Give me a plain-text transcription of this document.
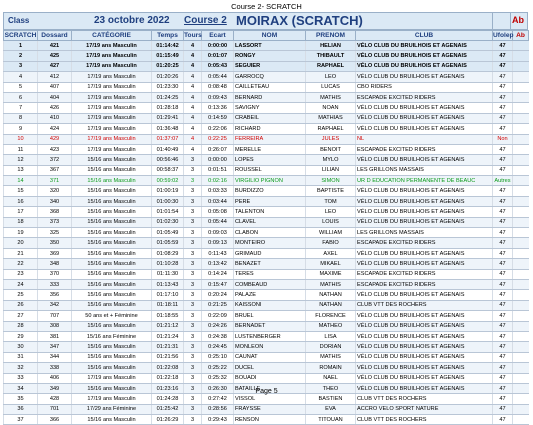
Course 2- SCRATCH
Class	23 octobre 2022 Course 2 MOIRAX (SCRATCH)	Ab
SCRATCH	Dossard	CATÉGORIE	Temps	Tours	Ecart	NOM	PRENOM	CLUB	Ufolep	Ab
1	421	17/19 ans Masculin	01:14:42	4	0:00:00	LASSORT	HELIAN	VÉLO CLUB DU BRUILHOIS ET AGENAIS	47	
2	425	17/19 ans Masculin	01:15:49	4	0:01:07	RONGY	THIBAULT	VÉLO CLUB DU BRUILHOIS ET AGENAIS	47	
3	427	17/19 ans Masculin	01:20:25	4	0:05:43	SEGUIER	RAPHAEL	VÉLO CLUB DU BRUILHOIS ET AGENAIS	47	
4	412	17/19 ans Masculin	01:20:26	4	0:05:44	GARROCQ	LEO	VÉLO CLUB DU BRUILHOIS ET AGENAIS	47	
5	407	17/19 ans Masculin	01:23:30	4	0:08:48	CAILLETEAU	LUCAS	CBO RIDERS	47	
6	404	17/19 ans Masculin	01:24:25	4	0:09:43	BERNARD	MATHIS	ESCAPADE EXCITED RIDERS	47	
7	426	17/19 ans Masculin	01:28:18	4	0:13:36	SAVIGNY	NOAN	VÉLO CLUB DU BRUILHOIS ET AGENAIS	47	
8	410	17/19 ans Masculin	01:29:41	4	0:14:59	CRABEIL	MATHIAS	VÉLO CLUB DU BRUILHOIS ET AGENAIS	47	
9	424	17/19 ans Masculin	01:36:48	4	0:22:06	RICHARD	RAPHAEL	VÉLO CLUB DU BRUILHOIS ET AGENAIS	47	
10	429	17/19 ans Masculin	01:37:07	4	0:22:25	FERREIRA	JULES	NL	Non	
11	423	17/19 ans Masculin	01:40:49	4	0:26:07	MERELLE	BENOIT	ESCAPADE EXCITED RIDERS	47	
12	372	15/16 ans Masculin	00:56:46	3	0:00:00	LOPES	MYLO	VÉLO CLUB DU BRUILHOIS ET AGENAIS	47	
13	367	15/16 ans Masculin	00:58:37	3	0:01:51	ROUSSEL	LILIAN	LES GRILLONS MASSAIS	47	
14	371	15/16 ans Masculin	00:59:02	3	0:02:16	VIRGILIO PIGNON	SIMON	UR D EDUCATION PERMANENTE DE BEAUC	Autres	
15	320	15/16 ans Masculin	01:00:19	3	0:03:33	BURDIZZO	BAPTISTE	VÉLO CLUB DU BRUILHOIS ET AGENAIS	47	
16	340	15/16 ans Masculin	01:00:30	3	0:03:44	PERE	TOM	VÉLO CLUB DU BRUILHOIS ET AGENAIS	47	
17	368	15/16 ans Masculin	01:01:54	3	0:05:08	TALENTON	LEO	VÉLO CLUB DU BRUILHOIS ET AGENAIS	47	
18	373	15/16 ans Masculin	01:02:30	3	0:05:44	CLAVEL	LOUIS	VÉLO CLUB DU BRUILHOIS ET AGENAIS	47	
19	325	15/16 ans Masculin	01:05:49	3	0:09:03	CLABON	WILLIAM	LES GRILLONS MASSAIS	47	
20	350	15/16 ans Masculin	01:05:59	3	0:09:13	MONTEIRO	FABIO	ESCAPADE EXCITED RIDERS	47	
21	369	15/16 ans Masculin	01:08:29	3	0:11:43	GRIMAUD	AXEL	VÉLO CLUB DU BRUILHOIS ET AGENAIS	47	
22	348	15/16 ans Masculin	01:10:28	3	0:13:42	BENAZET	MIKAEL	VÉLO CLUB DU BRUILHOIS ET AGENAIS	47	
23	370	15/16 ans Masculin	01:11:30	3	0:14:24	TERES	MAXIME	ESCAPADE EXCITED RIDERS	47	
24	333	15/16 ans Masculin	01:13:43	3	0:15:47	COMBEAUD	MATHIS	ESCAPADE EXCITED RIDERS	47	
25	356	15/16 ans Masculin	01:17:10	3	0:20:24	PALAZE	NATHAN	VÉLO CLUB DU BRUILHOIS ET AGENAIS	47	
26	342	15/16 ans Masculin	01:18:11	3	0:21:25	KAISSONI	NATHAN	CLUB VTT DES ROCHERS	47	
27	707	50 ans et + Féminine	01:18:55	3	0:22:09	BRUEL	FLORENCE	VÉLO CLUB DU BRUILHOIS ET AGENAIS	47	
28	308	15/16 ans Masculin	01:21:12	3	0:24:26	BERNADET	MATHEO	VÉLO CLUB DU BRUILHOIS ET AGENAIS	47	
29	381	15/16 ans Féminine	01:21:24	3	0:24:38	LUSTENBERGER	LISA	VÉLO CLUB DU BRUILHOIS ET AGENAIS	47	
30	347	15/16 ans Masculin	01:21:31	3	0:24:45	MONLEON	DORIAN	VÉLO CLUB DU BRUILHOIS ET AGENAIS	47	
31	344	15/16 ans Masculin	01:21:56	3	0:25:10	CAUNAT	MATHIS	VÉLO CLUB DU BRUILHOIS ET AGENAIS	47	
32	338	15/16 ans Masculin	01:22:08	3	0:25:22	DUCEL	ROMAIN	VÉLO CLUB DU BRUILHOIS ET AGENAIS	47	
33	406	17/19 ans Masculin	01:22:18	3	0:25:32	BOUADI	NAEL	VÉLO CLUB DU BRUILHOIS ET AGENAIS	47	
34	349	15/16 ans Masculin	01:23:16	3	0:26:30	BATAILLE	THEO	VÉLO CLUB DU BRUILHOIS ET AGENAIS	47	
35	428	17/19 ans Masculin	01:24:28	3	0:27:42	VISSOL	BASTIEN	CLUB VTT DES ROCHERS	47	
36	701	17/29 ans Féminine	01:25:42	3	0:28:56	FRAYSSE	EVA	ACCRO VELO SPORT NATURE	47	
37	366	15/16 ans Masculin	01:26:29	3	0:29:43	RENSON	TITOUAN	CLUB VTT DES ROCHERS	47	
Page 5
